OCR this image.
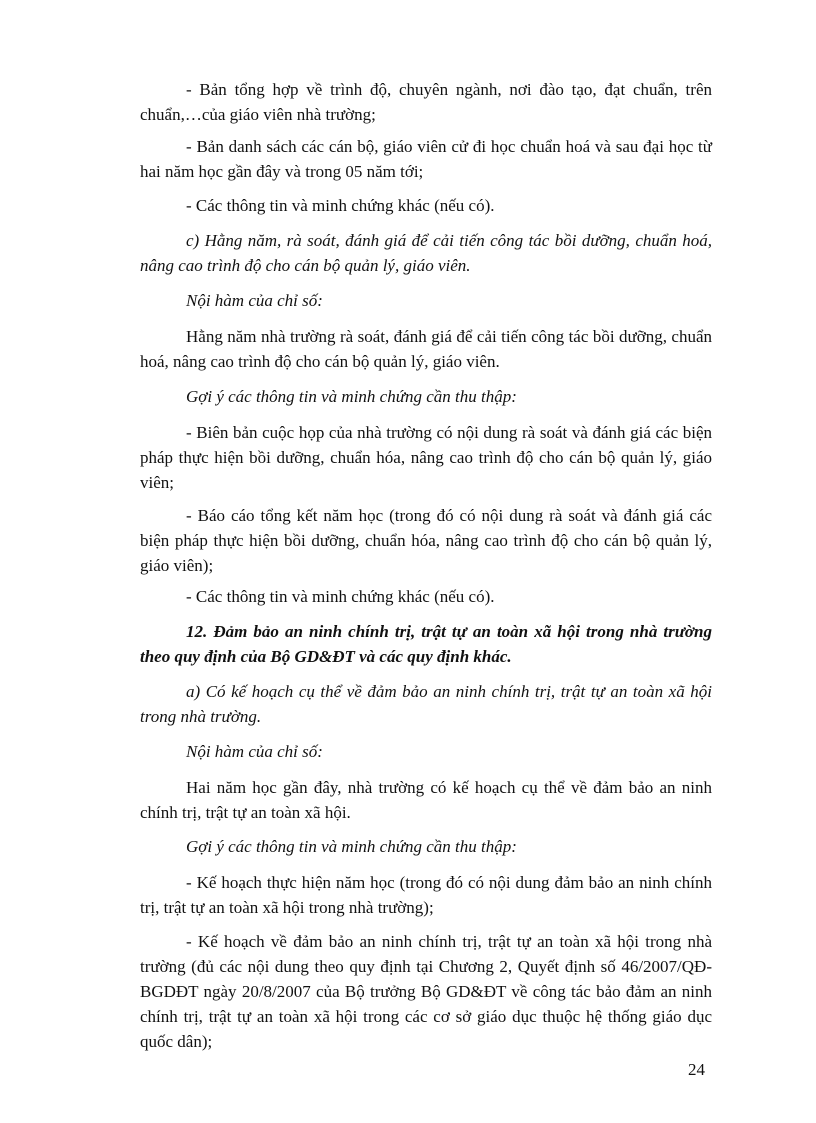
- Bản tổng hợp về trình độ, chuyên ngành, nơi đào tạo, đạt chuẩn, trên chuẩn,…của giáo viên nhà trường;

- Bản danh sách các cán bộ, giáo viên cử đi học chuẩn hoá và sau đại học từ hai năm học gần đây và trong 05 năm tới;

- Các thông tin và minh chứng khác (nếu có).

c) Hằng năm, rà soát, đánh giá để cải tiến công tác bồi dưỡng, chuẩn hoá, nâng cao trình độ cho cán bộ quản lý, giáo viên.

Nội hàm của chỉ số:

Hằng năm nhà trường rà soát, đánh giá để cải tiến công tác bồi dưỡng, chuẩn hoá, nâng cao trình độ cho cán bộ quản lý, giáo viên.

Gợi ý các thông tin và minh chứng cần thu thập:

- Biên bản cuộc họp của nhà trường có nội dung rà soát và đánh giá các biện pháp thực hiện bồi dưỡng, chuẩn hóa, nâng cao trình độ cho cán bộ quản lý, giáo viên;

- Báo cáo tổng kết năm học (trong đó có nội dung rà soát và đánh giá các biện pháp thực hiện bồi dưỡng, chuẩn hóa, nâng cao trình độ cho cán bộ quản lý, giáo viên);

- Các thông tin và minh chứng khác (nếu có).

12. Đảm bảo an ninh chính trị, trật tự an toàn xã hội trong nhà trường theo quy định của Bộ GD&ĐT và các quy định khác.

a) Có kế hoạch cụ thể về đảm bảo an ninh chính trị, trật tự an toàn xã hội trong nhà trường.

Nội hàm của chỉ số:

Hai năm học gần đây, nhà trường có kế hoạch cụ thể về đảm bảo an ninh chính trị, trật tự an toàn xã hội.

Gợi ý các thông tin và minh chứng cần thu thập:

- Kế hoạch thực hiện năm học (trong đó có nội dung đảm bảo an ninh chính trị, trật tự an toàn xã hội trong nhà trường);

- Kế hoạch về đảm bảo an ninh chính trị, trật tự an toàn xã hội trong nhà trường (đủ các nội dung theo quy định tại Chương 2, Quyết định số 46/2007/QĐ-BGDĐT ngày 20/8/2007 của Bộ trưởng Bộ GD&ĐT về công tác bảo đảm an ninh chính trị, trật tự an toàn xã hội trong các cơ sở giáo dục thuộc hệ thống giáo dục quốc dân);

24
